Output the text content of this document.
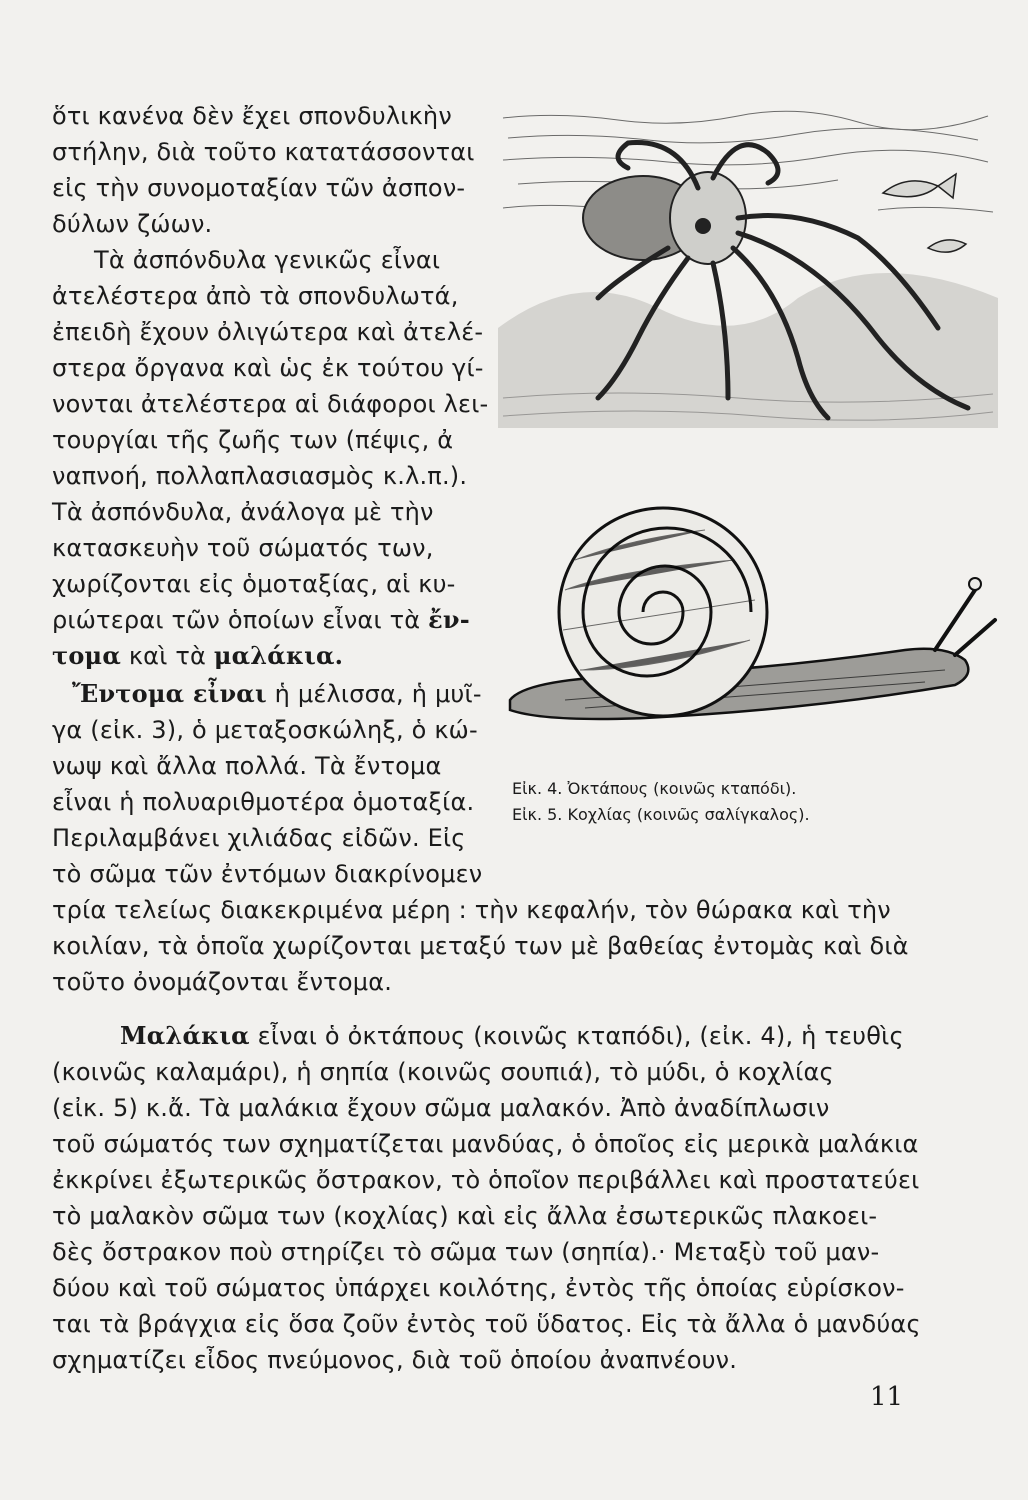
ὅτι κανένα δὲν ἔχει σπονδυλικὴν
στήλην, διὰ τοῦτο κατατάσσονται
εἰς τὴν συνομοταξίαν τῶν ἀσπον-
δύλων ζώων.
Τὰ ἀσπόνδυλα γενικῶς εἶναι
ἀτελέστερα ἀπὸ τὰ σπονδυλωτά,
ἐπειδὴ ἔχουν ὀλιγώτερα καὶ ἀτελέ-
στερα ὄργανα καὶ ὡς ἐκ τούτου γί-
νονται ἀτελέστερα αἱ διάφοροι λει-
τουργίαι τῆς ζωῆς των (πέψις, ἀ
ναπνοή, πολλαπλασιασμὸς κ.λ.π.).
Τὰ ἀσπόνδυλα, ἀνάλογα μὲ τὴν
κατασκευὴν τοῦ σώματός των,
χωρίζονται εἰς ὁμοταξίας, αἱ κυ-
ριώτεραι τῶν ὁποίων εἶναι τὰ ἔν-
τομα καὶ τὰ μαλάκια.
Ἔντομα εἶναι ἡ μέλισσα, ἡ μυῖ-
γα (εἰκ. 3), ὁ μεταξοσκώληξ, ὁ κώ-
νωψ καὶ ἄλλα πολλά. Τὰ ἔντομα
εἶναι ἡ πολυαριθμοτέρα ὁμοταξία.
Περιλαμβάνει χιλιάδας εἰδῶν. Εἰς
τὸ σῶμα τῶν ἐντόμων διακρίνομεν
τρία τελείως διακεκριμένα μέρη : τὴν κεφαλήν, τὸν θώρακα καὶ τὴν
κοιλίαν, τὰ ὁποῖα χωρίζονται μεταξύ των μὲ βαθείας ἐντομὰς καὶ διὰ
τοῦτο ὀνομάζονται ἔντομα.
Μαλάκια εἶναι ὁ ὀκτάπους (κοινῶς κταπόδι), (εἰκ. 4), ἡ τευθὶς
(κοινῶς καλαμάρι), ἡ σηπία (κοινῶς σουπιά), τὸ μύδι, ὁ κοχλίας
(εἰκ. 5) κ.ἄ. Τὰ μαλάκια ἔχουν σῶμα μαλακόν. Ἀπὸ ἀναδίπλωσιν
τοῦ σώματός των σχηματίζεται μανδύας, ὁ ὁποῖος εἰς μερικὰ μαλάκια
ἐκκρίνει ἐξωτερικῶς ὄστρακον, τὸ ὁποῖον περιβάλλει καὶ προστατεύει
τὸ μαλακὸν σῶμα των (κοχλίας) καὶ εἰς ἄλλα ἐσωτερικῶς πλακοει-
δὲς ὄστρακον ποὺ στηρίζει τὸ σῶμα των (σηπία).· Μεταξὺ τοῦ μαν-
δύου καὶ τοῦ σώματος ὑπάρχει κοιλότης, ἐντὸς τῆς ὁποίας εὑρίσκον-
ται τὰ βράγχια εἰς ὅσα ζοῦν ἐντὸς τοῦ ὕδατος. Εἰς τὰ ἄλλα ὁ μανδύας
σχηματίζει εἶδος πνεύμονος, διὰ τοῦ ὁποίου ἀναπνέουν.
Εἰκ. 4. Ὀκτάπους (κοινῶς κταπόδι).
Εἰκ. 5. Κοχλίας (κοινῶς σαλίγκαλος).
11
